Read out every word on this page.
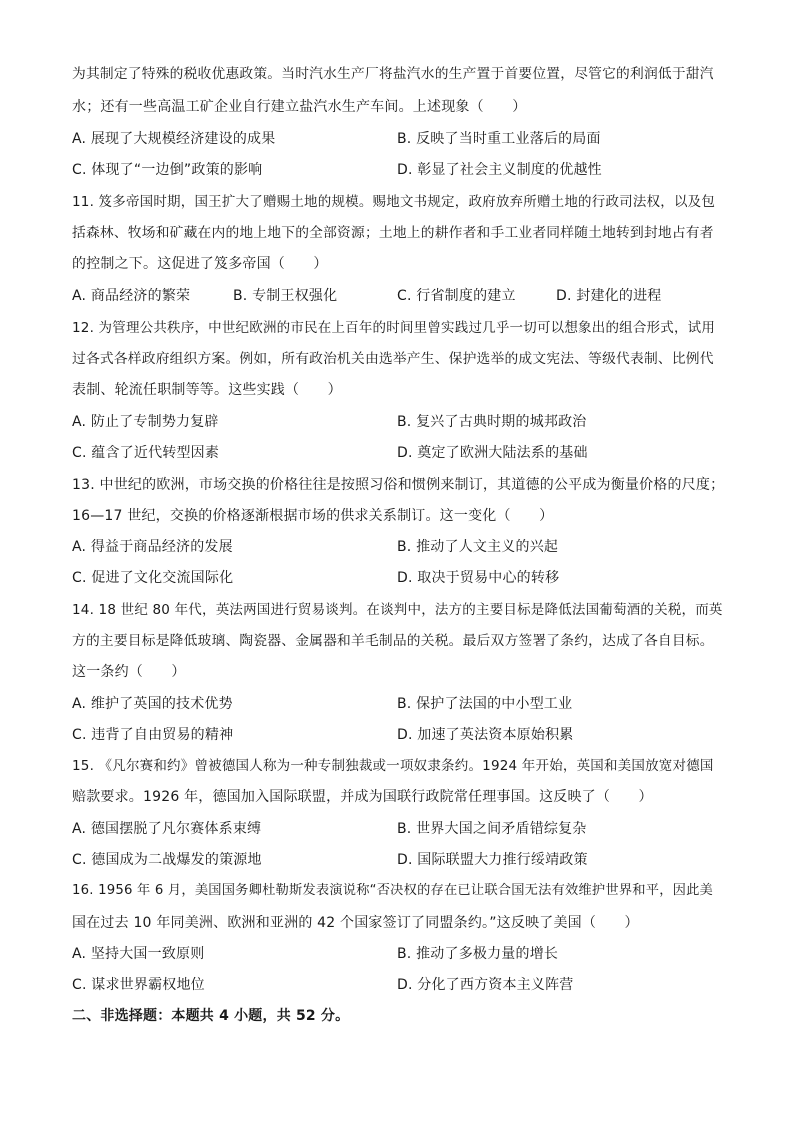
为其制定了特殊的税收优惠政策。当时汽水生产厂将盐汽水的生产置于首要位置，尽管它的利润低于甜汽
水；还有一些高温工矿企业自行建立盐汽水生产车间。上述现象（　　）
A. 展现了大规模经济建设的成果	B. 反映了当时重工业落后的局面
C. 体现了“一边倒”政策的影响	D. 彰显了社会主义制度的优越性
11. 笈多帝国时期，国王扩大了赠赐土地的规模。赐地文书规定，政府放弃所赠土地的行政司法权，以及包
括森林、牧场和矿藏在内的地上地下的全部资源；土地上的耕作者和手工业者同样随土地转到封地占有者
的控制之下。这促进了笈多帝国（　　）
A. 商品经济的繁荣	B. 专制王权强化	C. 行省制度的建立	D. 封建化的进程
12. 为管理公共秩序，中世纪欧洲的市民在上百年的时间里曾实践过几乎一切可以想象出的组合形式，试用
过各式各样政府组织方案。例如，所有政治机关由选举产生、保护选举的成文宪法、等级代表制、比例代
表制、轮流任职制等等。这些实践（　　）
A. 防止了专制势力复辟	B. 复兴了古典时期的城邦政治
C. 蕴含了近代转型因素	D. 奠定了欧洲大陆法系的基础
13. 中世纪的欧洲，市场交换的价格往往是按照习俗和惯例来制订，其道德的公平成为衡量价格的尺度；
16—17 世纪，交换的价格逐渐根据市场的供求关系制订。这一变化（　　）
A. 得益于商品经济的发展	B. 推动了人文主义的兴起
C. 促进了文化交流国际化	D. 取决于贸易中心的转移
14. 18 世纪 80 年代，英法两国进行贸易谈判。在谈判中，法方的主要目标是降低法国葡萄酒的关税，而英
方的主要目标是降低玻璃、陶瓷器、金属器和羊毛制品的关税。最后双方签署了条约，达成了各自目标。
这一条约（　　）
A. 维护了英国的技术优势	B. 保护了法国的中小型工业
C. 违背了自由贸易的精神	D. 加速了英法资本原始积累
15. 《凡尔赛和约》曾被德国人称为一种专制独裁或一项奴隶条约。1924 年开始，英国和美国放宽对德国
赔款要求。1926 年，德国加入国际联盟，并成为国联行政院常任理事国。这反映了（　　）
A. 德国摆脱了凡尔赛体系束缚	B. 世界大国之间矛盾错综复杂
C. 德国成为二战爆发的策源地	D. 国际联盟大力推行绥靖政策
16. 1956 年 6 月，美国国务卿杜勒斯发表演说称“否决权的存在已让联合国无法有效维护世界和平，因此美
国在过去 10 年同美洲、欧洲和亚洲的 42 个国家签订了同盟条约。”这反映了美国（　　）
A. 坚持大国一致原则	B. 推动了多极力量的增长
C. 谋求世界霸权地位	D. 分化了西方资本主义阵营
二、非选择题：本题共 4 小题，共 52 分。
